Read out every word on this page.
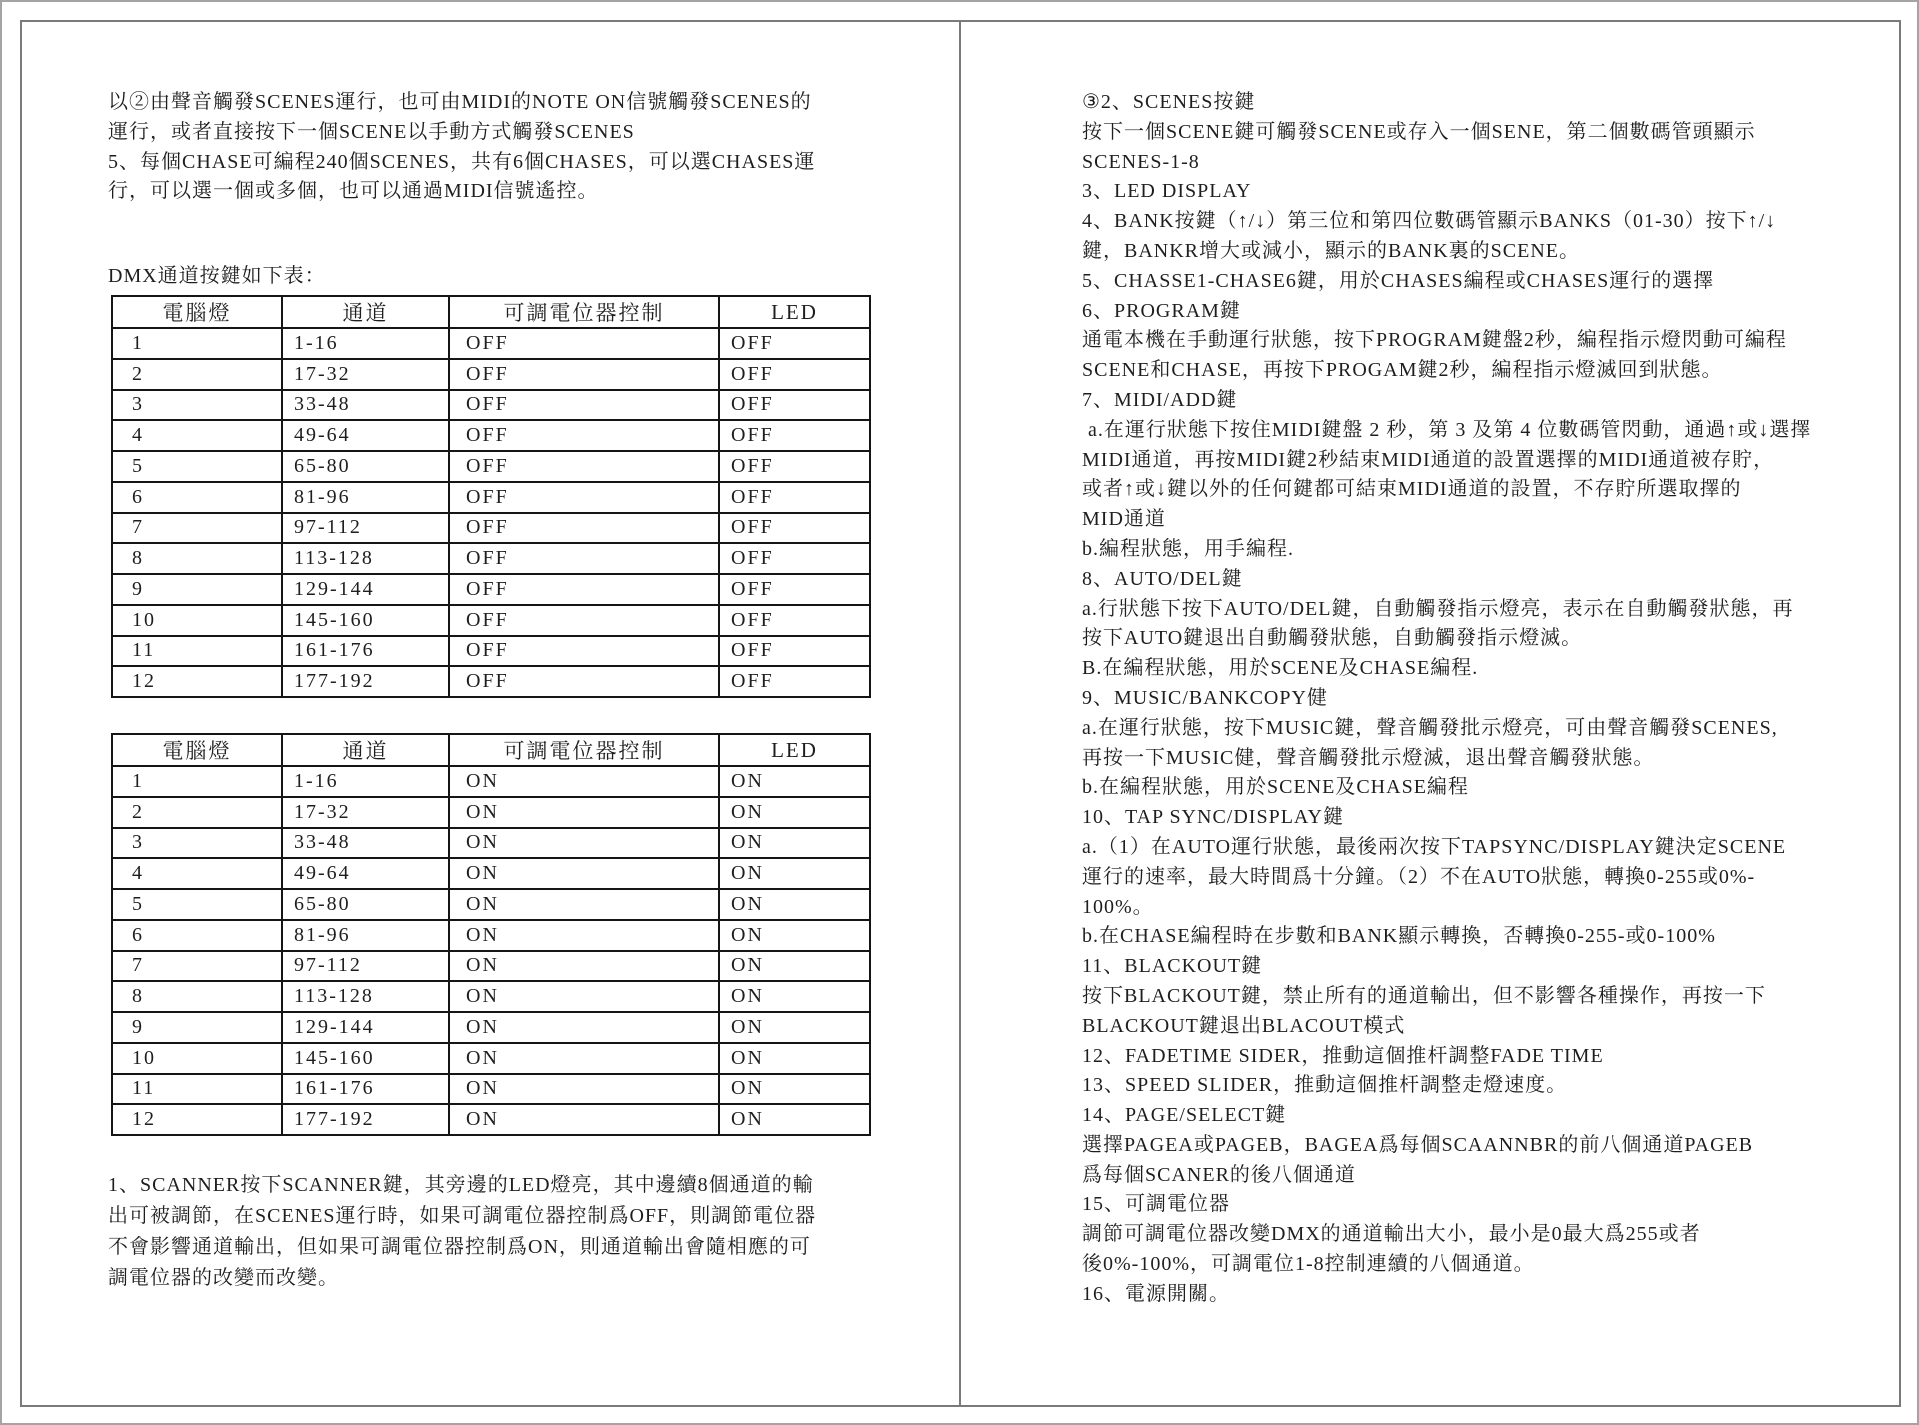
以②由聲音觸發SCENES運行，也可由MIDI的NOTE ON信號觸發SCENES的
運行，或者直接按下一個SCENE以手動方式觸發SCENES
5、每個CHASE可編程240個SCENES，共有6個CHASES，可以選CHASES運
行，可以選一個或多個，也可以通過MIDI信號遙控。
DMX通道按鍵如下表：
電腦燈	通道	可調電位器控制	LED
1	1-16	OFF	OFF
2	17-32	OFF	OFF
3	33-48	OFF	OFF
4	49-64	OFF	OFF
5	65-80	OFF	OFF
6	81-96	OFF	OFF
7	97-112	OFF	OFF
8	113-128	OFF	OFF
9	129-144	OFF	OFF
10	145-160	OFF	OFF
11	161-176	OFF	OFF
12	177-192	OFF	OFF
電腦燈	通道	可調電位器控制	LED
1	1-16	ON	ON
2	17-32	ON	ON
3	33-48	ON	ON
4	49-64	ON	ON
5	65-80	ON	ON
6	81-96	ON	ON
7	97-112	ON	ON
8	113-128	ON	ON
9	129-144	ON	ON
10	145-160	ON	ON
11	161-176	ON	ON
12	177-192	ON	ON
1、SCANNER按下SCANNER鍵，其旁邊的LED燈亮，其中邊續8個通道的輸
出可被調節，在SCENES運行時，如果可調電位器控制爲OFF，則調節電位器
不會影響通道輸出，但如果可調電位器控制爲ON，則通道輸出會隨相應的可
調電位器的改變而改變。
③2、SCENES按鍵
按下一個SCENE鍵可觸發SCENE或存入一個SENE，第二個數碼管頭顯示
SCENES-1-8
3、LED DISPLAY
4、BANK按鍵（↑/↓）第三位和第四位數碼管顯示BANKS（01-30）按下↑/↓
鍵，BANKR增大或減小，顯示的BANK裏的SCENE。
5、CHASSE1-CHASE6鍵，用於CHASES編程或CHASES運行的選擇
6、PROGRAM鍵
通電本機在手動運行狀態，按下PROGRAM鍵盤2秒，編程指示燈閃動可編程
SCENE和CHASE，再按下PROGAM鍵2秒，編程指示燈滅回到狀態。
7、MIDI/ADD鍵
a.在運行狀態下按住MIDI鍵盤 2 秒，第 3 及第 4 位數碼管閃動，通過↑或↓選擇
MIDI通道，再按MIDI鍵2秒結束MIDI通道的設置選擇的MIDI通道被存貯，
或者↑或↓鍵以外的任何鍵都可結束MIDI通道的設置，不存貯所選取擇的
MID通道
b.編程狀態，用手編程.
8、AUTO/DEL鍵
a.行狀態下按下AUTO/DEL鍵，自動觸發指示燈亮，表示在自動觸發狀態，再
按下AUTO鍵退出自動觸發狀態，自動觸發指示燈滅。
B.在編程狀態，用於SCENE及CHASE編程.
9、MUSIC/BANKCOPY健
a.在運行狀態，按下MUSIC鍵，聲音觸發批示燈亮，可由聲音觸發SCENES,
再按一下MUSIC健，聲音觸發批示燈滅，退出聲音觸發狀態。
b.在編程狀態，用於SCENE及CHASE編程
10、TAP SYNC/DISPLAY鍵
a.（1）在AUTO運行狀態，最後兩次按下TAPSYNC/DISPLAY鍵決定SCENE
運行的速率，最大時間爲十分鐘。（2）不在AUTO狀態，轉換0-255或0%-
100%。
b.在CHASE編程時在步數和BANK顯示轉換，否轉換0-255-或0-100%
11、BLACKOUT鍵
按下BLACKOUT鍵，禁止所有的通道輸出，但不影響各種操作，再按一下
BLACKOUT鍵退出BLACOUT模式
12、FADETIME SIDER，推動這個推杆調整FADE TIME
13、SPEED SLIDER，推動這個推杆調整走燈速度。
14、PAGE/SELECT鍵
選擇PAGEA或PAGEB，BAGEA爲每個SCAANNBR的前八個通道PAGEB
爲每個SCANER的後八個通道
15、可調電位器
調節可調電位器改變DMX的通道輸出大小，最小是0最大爲255或者
後0%-100%，可調電位1-8控制連續的八個通道。
16、電源開關。
